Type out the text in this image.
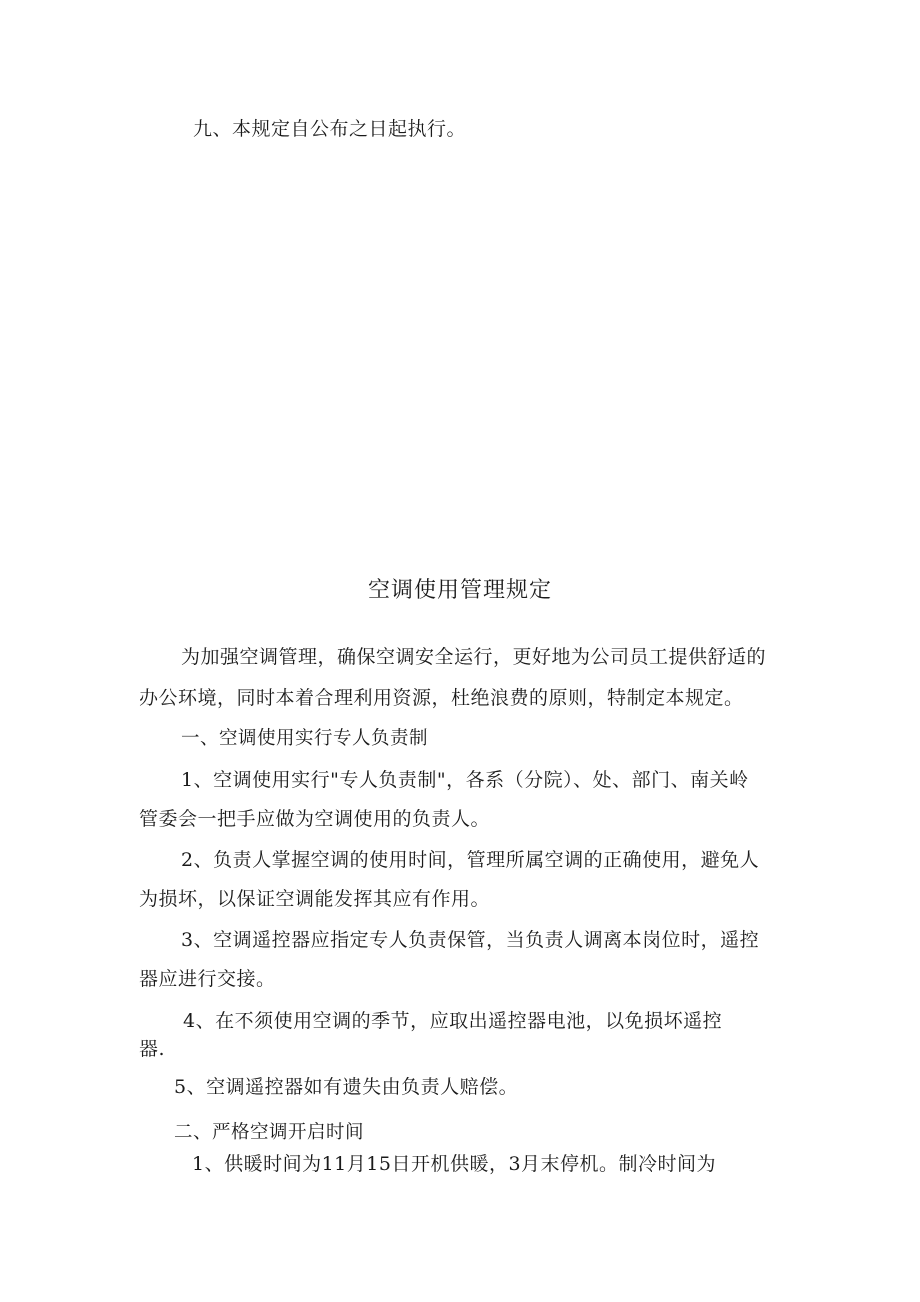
九、本规定自公布之日起执行。
空调使用管理规定
为加强空调管理，确保空调安全运行，更好地为公司员工提供舒适的
办公环境，同时本着合理利用资源，杜绝浪费的原则，特制定本规定。
一、空调使用实行专人负责制
1、空调使用实行"专人负责制"，各系（分院）、处、部门、南关岭
管委会一把手应做为空调使用的负责人。
2、负责人掌握空调的使用时间，管理所属空调的正确使用，避免人
为损坏，以保证空调能发挥其应有作用。
3、空调遥控器应指定专人负责保管，当负责人调离本岗位时，遥控
器应进行交接。
4、在不须使用空调的季节，应取出遥控器电池，以免损坏遥控
器.
5、空调遥控器如有遗失由负责人赔偿。
二、严格空调开启时间
1、供暖时间为11月15日开机供暖，3月末停机。制冷时间为
